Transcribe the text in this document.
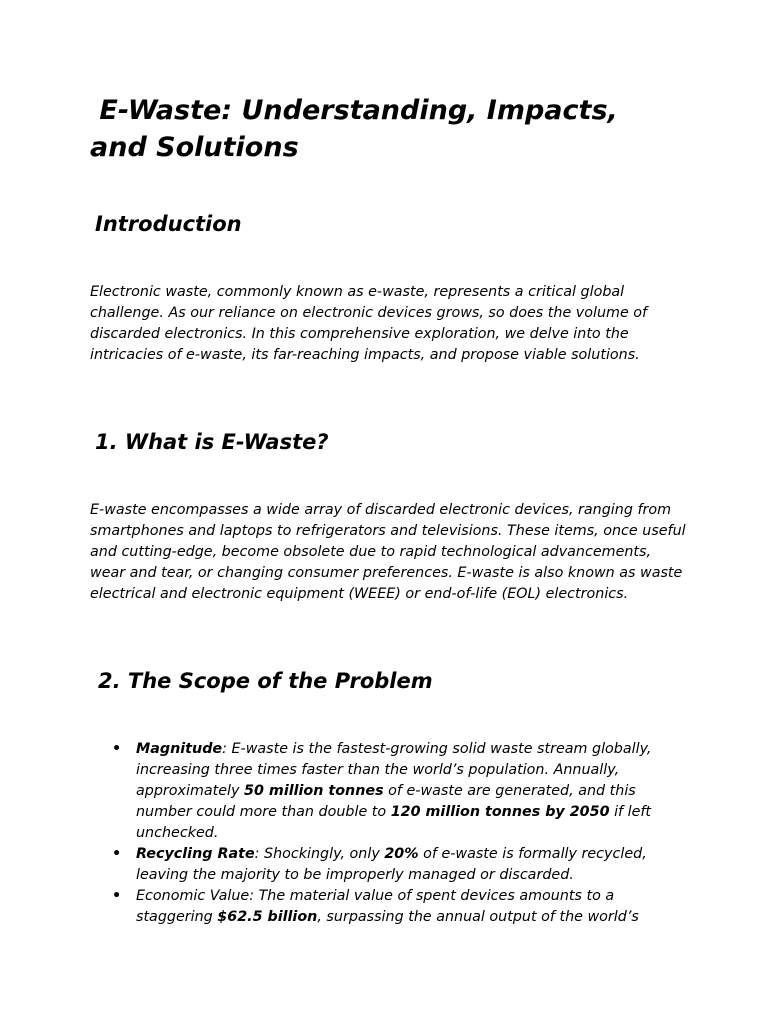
E-Waste: Understanding, Impacts,
and Solutions
Introduction

Electronic waste, commonly known as e-waste, represents a critical global challenge. As our reliance on electronic devices grows, so does the volume of discarded electronics. In this comprehensive exploration, we delve into the intricacies of e-waste, its far-reaching impacts, and propose viable solutions.

1. What is E-Waste?

E-waste encompasses a wide array of discarded electronic devices, ranging from smartphones and laptops to refrigerators and televisions. These items, once useful and cutting-edge, become obsolete due to rapid technological advancements, wear and tear, or changing consumer preferences. E-waste is also known as waste electrical and electronic equipment (WEEE) or end-of-life (EOL) electronics.

2. The Scope of the Problem
• Magnitude: E-waste is the fastest-growing solid waste stream globally, increasing three times faster than the world’s population. Annually, approximately 50 million tonnes of e-waste are generated, and this number could more than double to 120 million tonnes by 2050 if left unchecked.
• Recycling Rate: Shockingly, only 20% of e-waste is formally recycled, leaving the majority to be improperly managed or discarded.
• Economic Value: The material value of spent devices amounts to a staggering $62.5 billion, surpassing the annual output of the world’s
